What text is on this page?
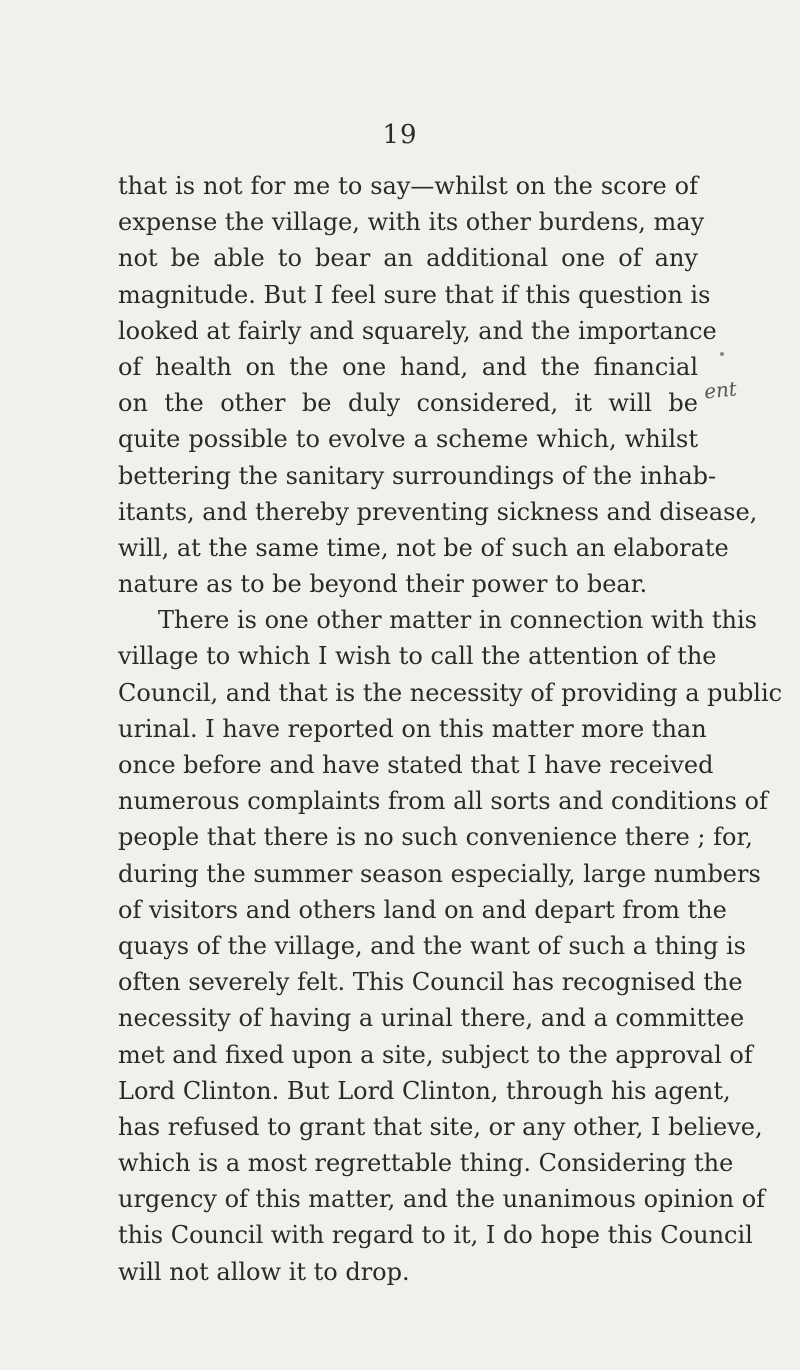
19
ent
that is not for me to say—whilst on the score of
expense the village, with its other burdens, may
not be able to bear an additional one of any
magnitude. But I feel sure that if this question is
looked at fairly and squarely, and the importance
of health on the one hand, and the financial
on the other be duly considered, it will be
quite possible to evolve a scheme which, whilst
bettering the sanitary surroundings of the inhab-
itants, and thereby preventing sickness and disease,
will, at the same time, not be of such an elaborate
nature as to be beyond their power to bear.
There is one other matter in connection with this
village to which I wish to call the attention of the
Council, and that is the necessity of providing a public
urinal. I have reported on this matter more than
once before and have stated that I have received
numerous complaints from all sorts and conditions of
people that there is no such convenience there ; for,
during the summer season especially, large numbers
of visitors and others land on and depart from the
quays of the village, and the want of such a thing is
often severely felt. This Council has recognised the
necessity of having a urinal there, and a committee
met and fixed upon a site, subject to the approval of
Lord Clinton. But Lord Clinton, through his agent,
has refused to grant that site, or any other, I believe,
which is a most regrettable thing. Considering the
urgency of this matter, and the unanimous opinion of
this Council with regard to it, I do hope this Council
will not allow it to drop.
